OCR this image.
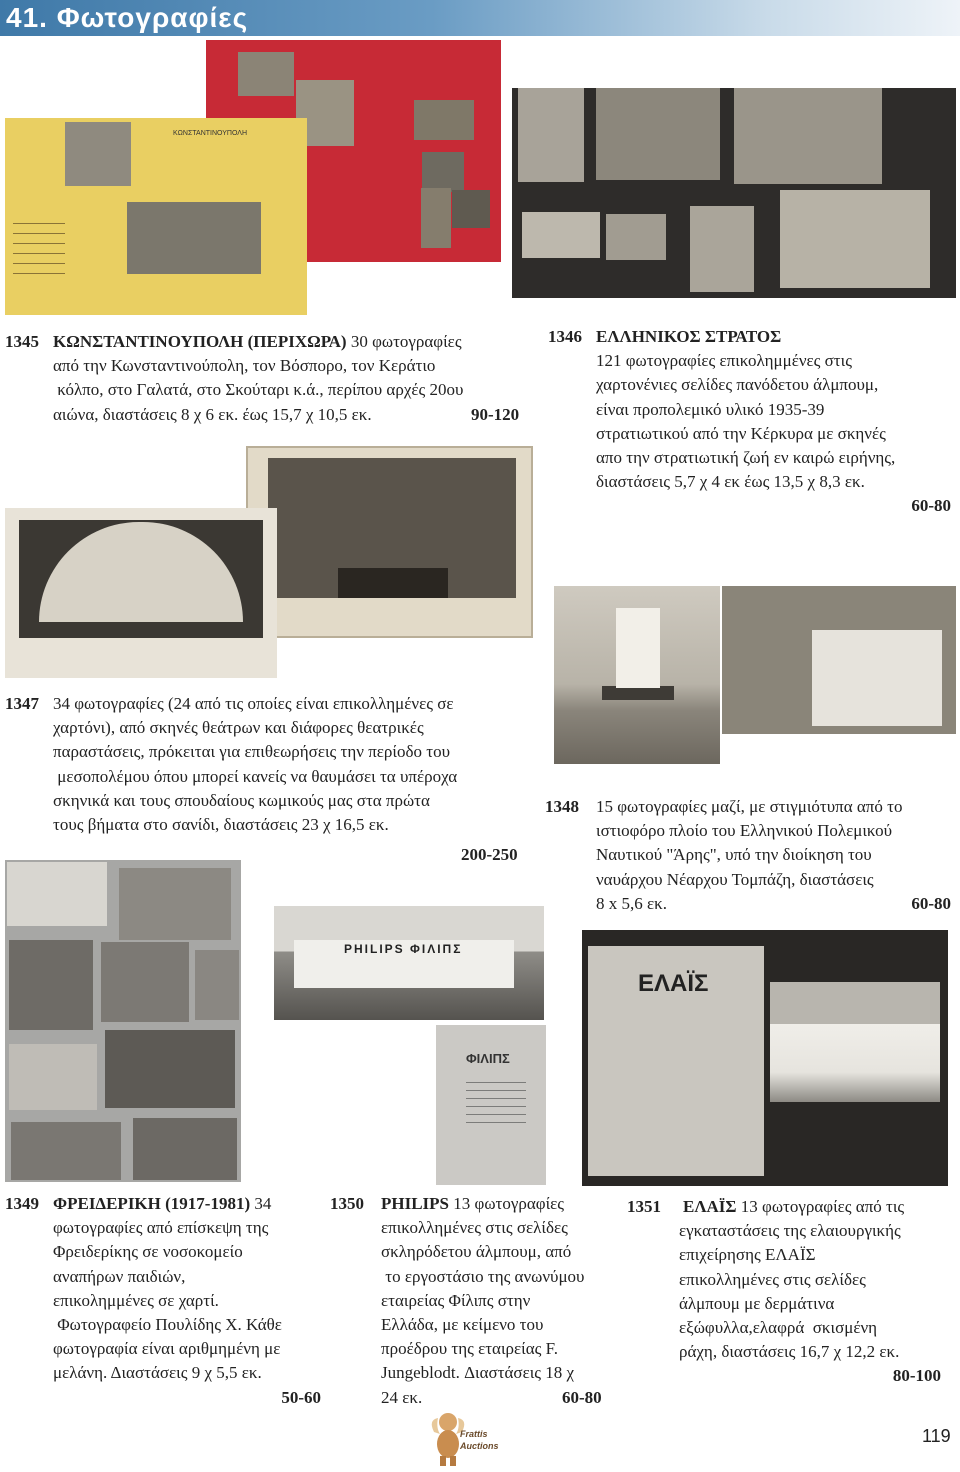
41. Φωτογραφίες
ΚΩΝΣΤΑΝΤΙΝΟΥΠΟΛΗ
PHILIPS ΦΙΛΙΠΣ
ΦΙΛΙΠΣ
ΕΛΑΪΣ
1345 ΚΩΝΣΤΑΝΤΙΝΟΥΠΟΛΗ (ΠΕΡΙΧΩΡΑ) 30 φωτογραφίες
από την Κωνσταντινούπολη, τον Βόσπορο, τον Κεράτιο
κόλπο, στο Γαλατά, στο Σκούταρι κ.ά., περίπου αρχές 20ου
αιώνα, διαστάσεις 8 χ 6 εκ. έως 15,7 χ 10,5 εκ.	90-120
1346 ΕΛΛΗΝΙΚΟΣ ΣΤΡΑΤΟΣ
121 φωτογραφίες επικολημμένες στις
χαρτονένιες σελίδες πανόδετου άλμπουμ,
είναι προπολεμικό υλικό 1935-39
στρατιωτικού από την Κέρκυρα με σκηνές
απο την στρατιωτική ζωή εν καιρώ ειρήνης,
διαστάσεις 5,7 χ 4 εκ έως 13,5 χ 8,3 εκ.
60-80
1347 34 φωτογραφίες (24 από τις οποίες είναι επικολλημένες σε
χαρτόνι), από σκηνές θεάτρων και διάφορες θεατρικές
παραστάσεις, πρόκειται για επιθεωρήσεις την περίοδο του
μεσοπολέμου όπου μπορεί κανείς να θαυμάσει τα υπέροχα
σκηνικά και τους σπουδαίους κωμικούς μας στα πρώτα
τους βήματα στο σανίδι, διαστάσεις 23 χ 16,5 εκ.
200-250
1348 15 φωτογραφίες μαζί, με στιγμιότυπα από το
ιστιοφόρο πλοίο του Ελληνικού Πολεμικού
Ναυτικού "Άρης", υπό την διοίκηση του
ναυάρχου Νέαρχου Τομπάζη, διαστάσεις
8 x 5,6 εκ.	60-80
1349 ΦΡΕΙΔΕΡΙΚΗ (1917-1981) 34
φωτογραφίες από επίσκεψη της
Φρειδερίκης σε νοσοκομείο
αναπήρων παιδιών,
επικολημμένες σε χαρτί.
Φωτογραφείο Πουλίδης Χ. Κάθε
φωτογραφία είναι αριθμημένη με
μελάνη. Διαστάσεις 9 χ 5,5 εκ.
50-60
1350 PHILIPS 13 φωτογραφίες
επικολλημένες στις σελίδες
σκληρόδετου άλμπουμ, από
το εργοστάσιο της ανωνύμου
εταιρείας Φίλιπς στην
Ελλάδα, με κείμενο του
προέδρου της εταιρείας F.
Jungeblodt. Διαστάσεις 18 χ
24 εκ.	60-80
1351 ΕΛΑΪΣ 13 φωτογραφίες από τις
εγκαταστάσεις της ελαιουργικής
επιχείρησης ΕΛΑΪΣ
επικολλημένες στις σελίδες
άλμπουμ με δερμάτινα
εξώφυλλα,ελαφρά  σκισμένη
ράχη, διαστάσεις 16,7 χ 12,2 εκ.
80-100
Frattis Auctions	119
